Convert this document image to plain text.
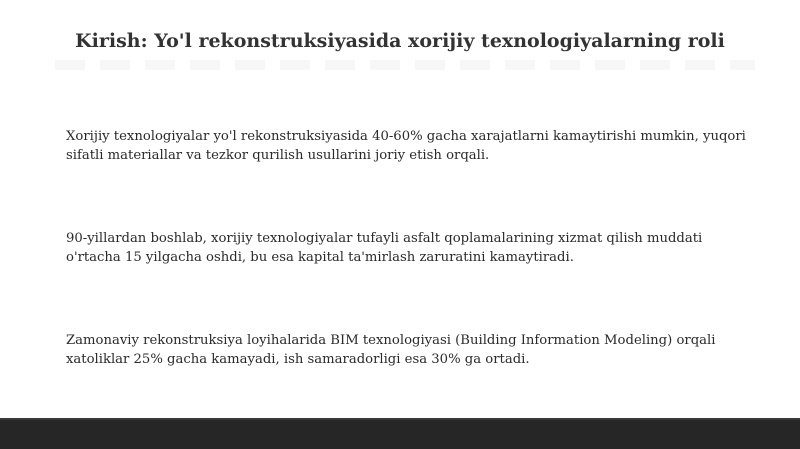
Kirish: Yo'l rekonstruksiyasida xorijiy texnologiyalarning roli

Xorijiy texnologiyalar yo'l rekonstruksiyasida 40-60% gacha xarajatlarni kamaytirishi mumkin, yuqori sifatli materiallar va tezkor qurilish usullarini joriy etish orqali.

90-yillardan boshlab, xorijiy texnologiyalar tufayli asfalt qoplamalarining xizmat qilish muddati o'rtacha 15 yilgacha oshdi, bu esa kapital ta'mirlash zaruratini kamaytiradi.

Zamonaviy rekonstruksiya loyihalarida BIM texnologiyasi (Building Information Modeling) orqali xatoliklar 25% gacha kamayadi, ish samaradorligi esa 30% ga ortadi.
